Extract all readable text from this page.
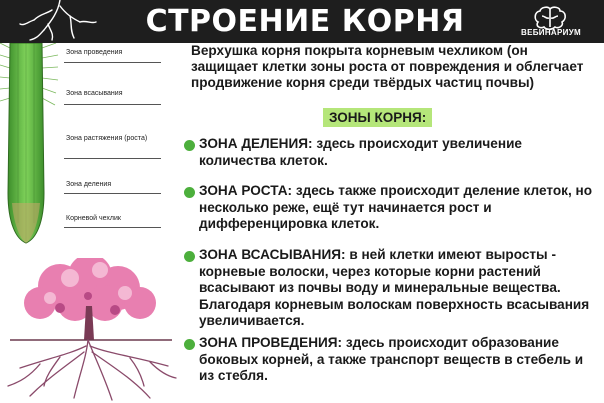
СТРОЕНИЕ КОРНЯ	ВЕБИНАРИУМ
Зона проведения
Зона всасывания
Зона растяжения (роста)
Зона деления
Корневой чехлик
Верхушка корня покрыта корневым чехликом (он защищает клетки зоны роста от повреждения и облегчает продвижение корня среди твёрдых частиц почвы)
ЗОНЫ КОРНЯ:

ЗОНА ДЕЛЕНИЯ: здесь происходит увеличение количества клеток.

ЗОНА РОСТА: здесь также происходит деление клеток, но несколько реже, ещё тут начинается рост и дифференцировка клеток.

ЗОНА ВСАСЫВАНИЯ: в ней клетки имеют выросты - корневые волоски, через которые корни растений всасывают из почвы воду и минеральные вещества. Благодаря корневым волоскам поверхность всасывания увеличивается.

ЗОНА ПРОВЕДЕНИЯ: здесь происходит образование боковых корней, а также транспорт веществ в стебель и из стебля.
